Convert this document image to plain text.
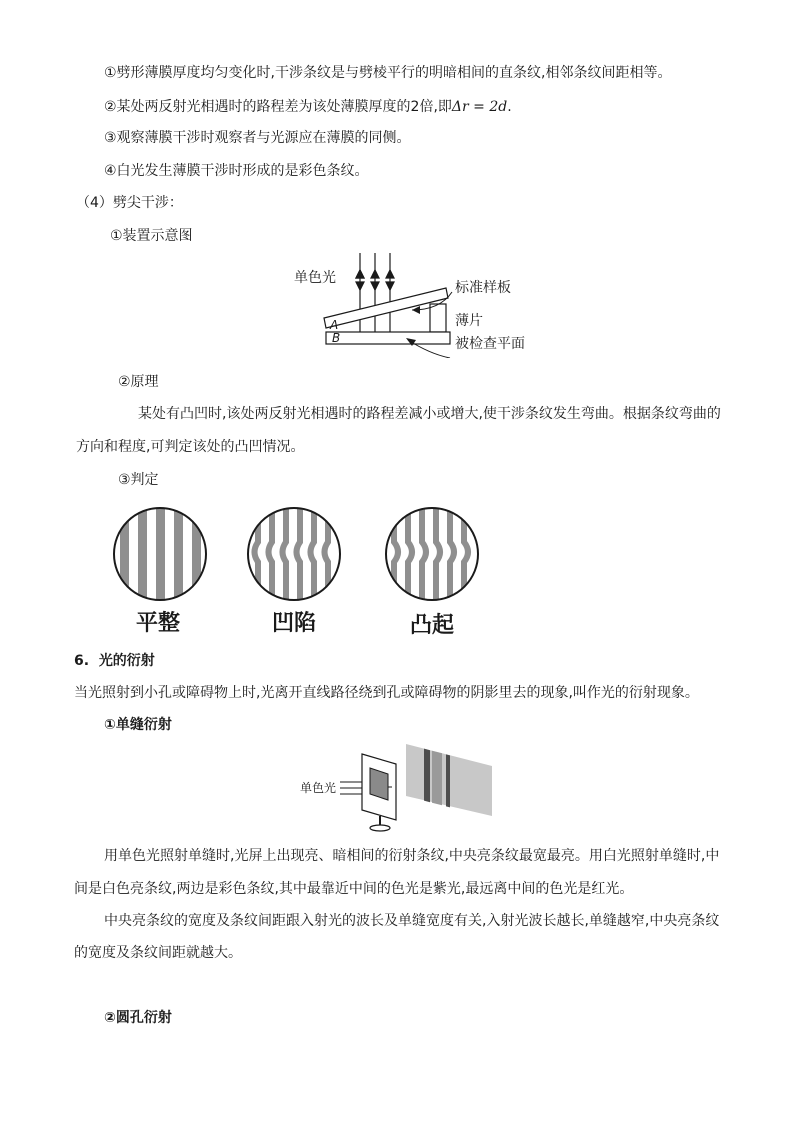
①劈形薄膜厚度均匀变化时,干涉条纹是与劈棱平行的明暗相间的直条纹,相邻条纹间距相等。
②某处两反射光相遇时的路程差为该处薄膜厚度的2倍,即Δr = 2d.
③观察薄膜干涉时观察者与光源应在薄膜的同侧。
④白光发生薄膜干涉时形成的是彩色条纹。
（4）劈尖干涉：
①装置示意图
单色光
A
B
标准样板
薄片
被检查平面
②原理
某处有凸凹时,该处两反射光相遇时的路程差减小或增大,使干涉条纹发生弯曲。根据条纹弯曲的
方向和程度,可判定该处的凸凹情况。
③判定
平整	凹陷	凸起
6. 光的衍射
当光照射到小孔或障碍物上时,光离开直线路径绕到孔或障碍物的阴影里去的现象,叫作光的衍射现象。
①单缝衍射
单色光
用单色光照射单缝时,光屏上出现亮、暗相间的衍射条纹,中央亮条纹最宽最亮。用白光照射单缝时,中
间是白色亮条纹,两边是彩色条纹,其中最靠近中间的色光是紫光,最远离中间的色光是红光。
中央亮条纹的宽度及条纹间距跟入射光的波长及单缝宽度有关,入射光波长越长,单缝越窄,中央亮条纹
的宽度及条纹间距就越大。
②圆孔衍射
